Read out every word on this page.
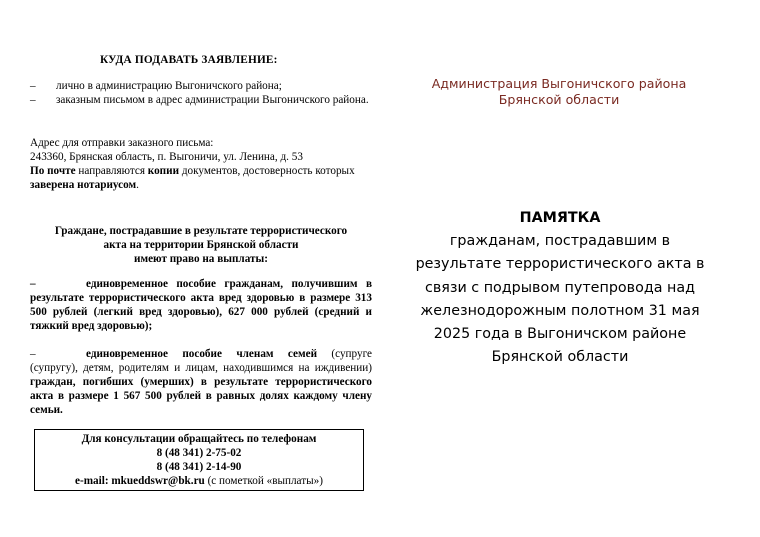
КУДА ПОДАВАТЬ ЗАЯВЛЕНИЕ:
– лично в администрацию Выгоничского района;
– заказным письмом в адрес администрации Выгоничского района.
Адрес для отправки заказного письма:
243360, Брянская область, п. Выгоничи, ул. Ленина, д. 53
По почте направляются копии документов, достоверность которых заверена нотариусом.
Граждане, пострадавшие в результате террористического
акта на территории Брянской области
имеют право на выплаты:
–	единовременное пособие гражданам, получившим в результате террористического акта вред здоровью в размере 313 500 рублей (легкий вред здоровью), 627 000 рублей (средний и тяжкий вред здоровью);
–	единовременное пособие членам семей (супруге (супругу), детям, родителям и лицам, находившимся на иждивении) граждан, погибших (умерших) в результате террористического акта в размере 1 567 500 рублей в равных долях каждому члену семьи.
Для консультации обращайтесь по телефонам
8 (48 341) 2-75-02
8 (48 341) 2-14-90
e-mail: mkueddswr@bk.ru (с пометкой «выплаты»)
Администрация Выгоничского района
Брянской области
ПАМЯТКА
гражданам, пострадавшим в
результате террористического акта в
связи с подрывом путепровода над
железнодорожным полотном 31 мая
2025 года в Выгоничском районе
Брянской области
